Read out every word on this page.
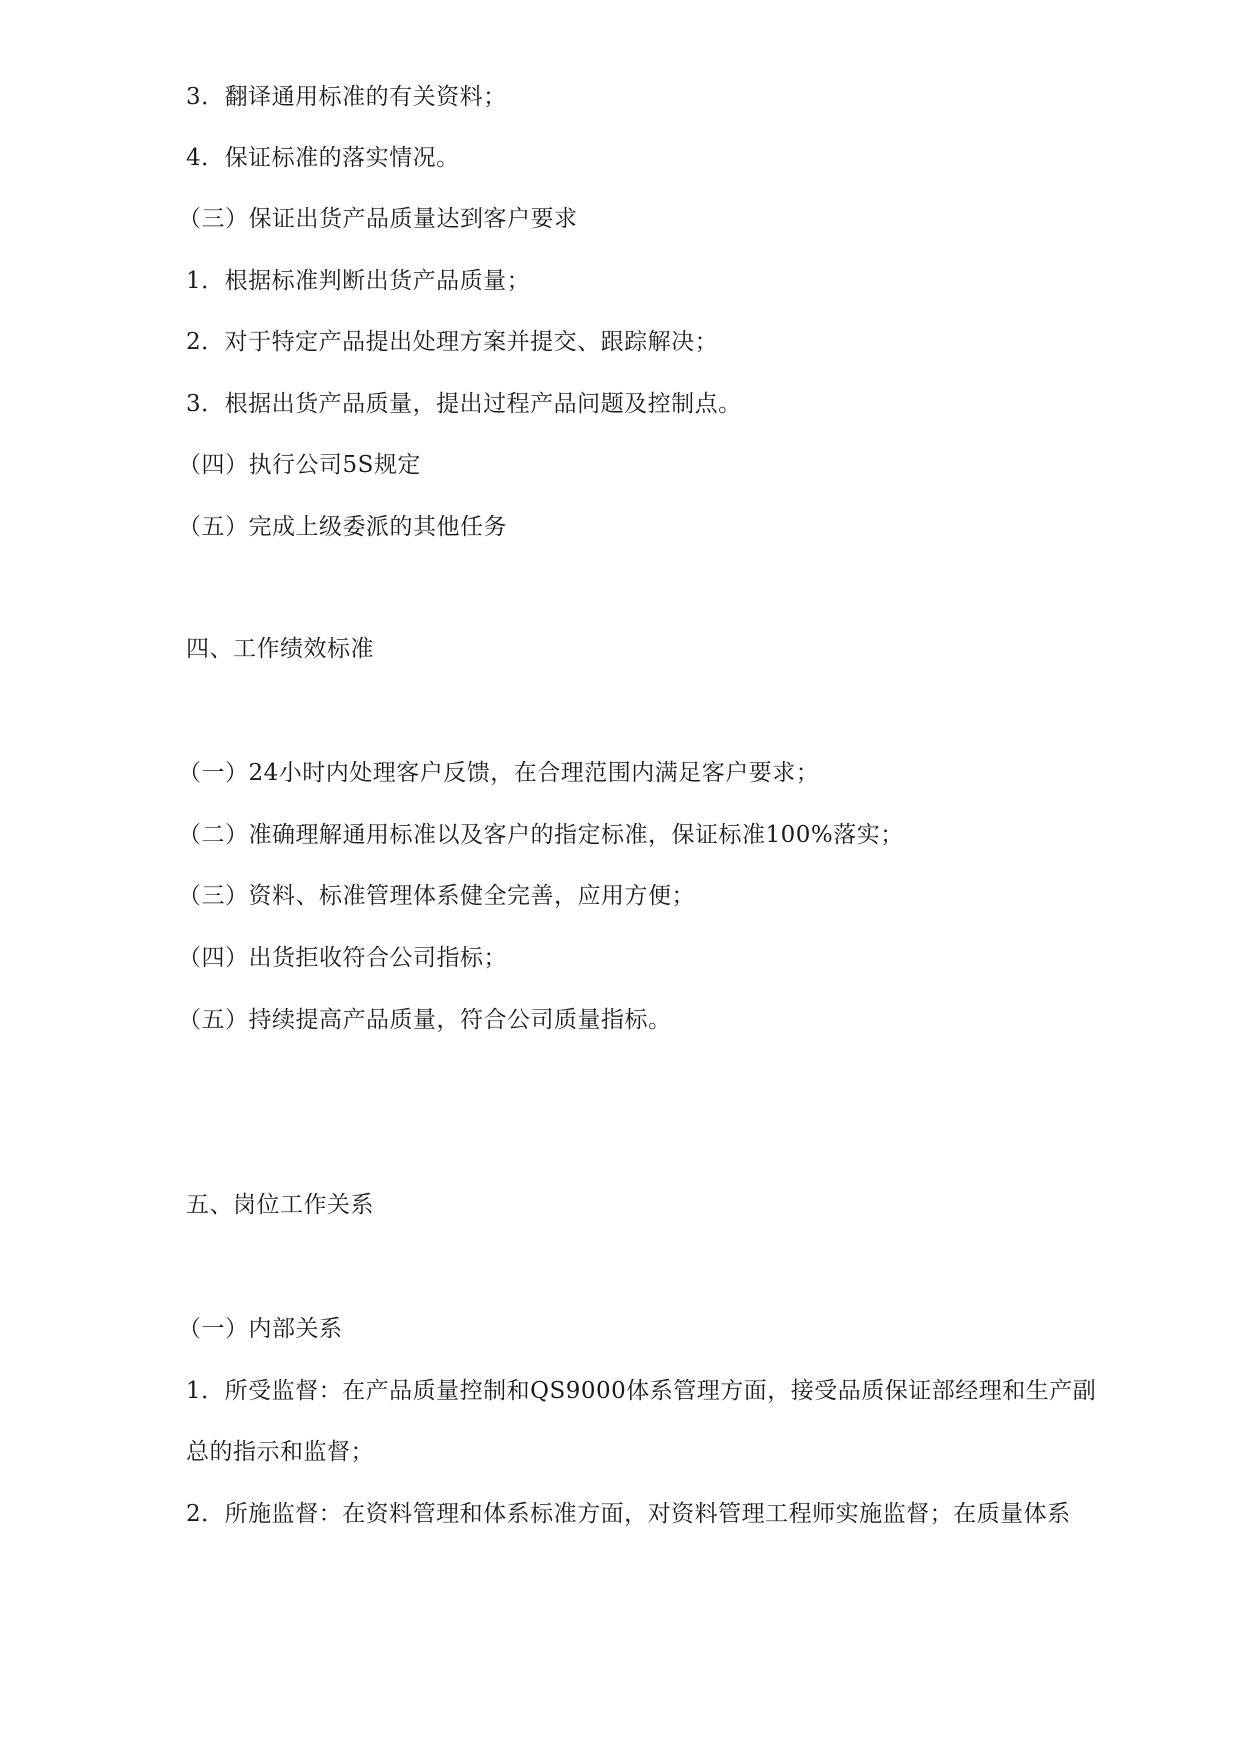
3．翻译通用标准的有关资料；
4．保证标准的落实情况。
（三）保证出货产品质量达到客户要求
1．根据标准判断出货产品质量；
2．对于特定产品提出处理方案并提交、跟踪解决；
3．根据出货产品质量，提出过程产品问题及控制点。
（四）执行公司5S规定
（五）完成上级委派的其他任务
四、工作绩效标准
（一）24小时内处理客户反馈，在合理范围内满足客户要求；
（二）准确理解通用标准以及客户的指定标准，保证标准100%落实；
（三）资料、标准管理体系健全完善，应用方便；
（四）出货拒收符合公司指标；
（五）持续提高产品质量，符合公司质量指标。
五、岗位工作关系
（一）内部关系
1．所受监督：在产品质量控制和QS9000体系管理方面，接受品质保证部经理和生产副
总的指示和监督；
2．所施监督：在资料管理和体系标准方面，对资料管理工程师实施监督；在质量体系
